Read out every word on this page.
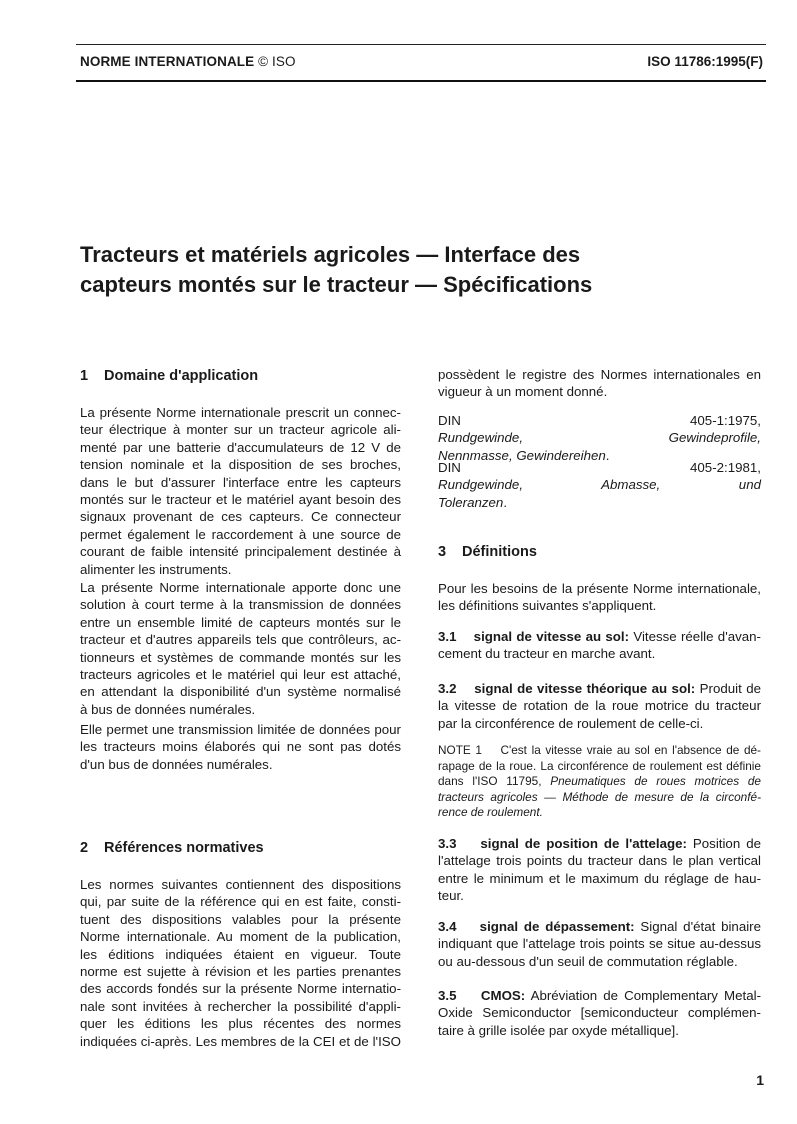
NORME INTERNATIONALE © ISO	ISO 11786:1995(F)
Tracteurs et matériels agricoles — Interface des
capteurs montés sur le tracteur — Spécifications
1 Domaine d'application

La présente Norme internationale prescrit un connec-
teur électrique à monter sur un tracteur agricole ali-
menté par une batterie d'accumulateurs de 12 V de
tension nominale et la disposition de ses broches,
dans le but d'assurer l'interface entre les capteurs
montés sur le tracteur et le matériel ayant besoin des
signaux provenant de ces capteurs. Ce connecteur
permet également le raccordement à une source de
courant de faible intensité principalement destinée à
alimenter les instruments.

La présente Norme internationale apporte donc une
solution à court terme à la transmission de données
entre un ensemble limité de capteurs montés sur le
tracteur et d'autres appareils tels que contrôleurs, ac-
tionneurs et systèmes de commande montés sur les
tracteurs agricoles et le matériel qui leur est attaché,
en attendant la disponibilité d'un système normalisé
à bus de données numérales.

Elle permet une transmission limitée de données pour
les tracteurs moins élaborés qui ne sont pas dotés
d'un bus de données numérales.

2 Références normatives

Les normes suivantes contiennent des dispositions
qui, par suite de la référence qui en est faite, consti-
tuent des dispositions valables pour la présente
Norme internationale. Au moment de la publication,
les éditions indiquées étaient en vigueur. Toute
norme est sujette à révision et les parties prenantes
des accords fondés sur la présente Norme internatio-
nale sont invitées à rechercher la possibilité d'appli-
quer les éditions les plus récentes des normes
indiquées ci-après. Les membres de la CEI et de l'ISO

possèdent le registre des Normes internationales en
vigueur à un moment donné.

DIN 405-1:1975,
Rundgewinde, Gewindeprofile,
Nennmasse, Gewindereihen.

DIN 405-2:1981,
Rundgewinde, Abmasse, und
Toleranzen.

3 Définitions

Pour les besoins de la présente Norme internationale,
les définitions suivantes s'appliquent.

3.1 signal de vitesse au sol: Vitesse réelle d'avan-
cement du tracteur en marche avant.

3.2 signal de vitesse théorique au sol: Produit de
la vitesse de rotation de la roue motrice du tracteur
par la circonférence de roulement de celle-ci.

NOTE 1 C'est la vitesse vraie au sol en l'absence de dé-
rapage de la roue. La circonférence de roulement est définie
dans l'ISO 11795, Pneumatiques de roues motrices de
tracteurs agricoles — Méthode de mesure de la circonfé-
rence de roulement.

3.3 signal de position de l'attelage: Position de
l'attelage trois points du tracteur dans le plan vertical
entre le minimum et le maximum du réglage de hau-
teur.

3.4 signal de dépassement: Signal d'état binaire
indiquant que l'attelage trois points se situe au-dessus
ou au-dessous d'un seuil de commutation réglable.

3.5 CMOS: Abréviation de Complementary Metal-
Oxide Semiconductor [semiconducteur complémen-
taire à grille isolée par oxyde métallique].

1
